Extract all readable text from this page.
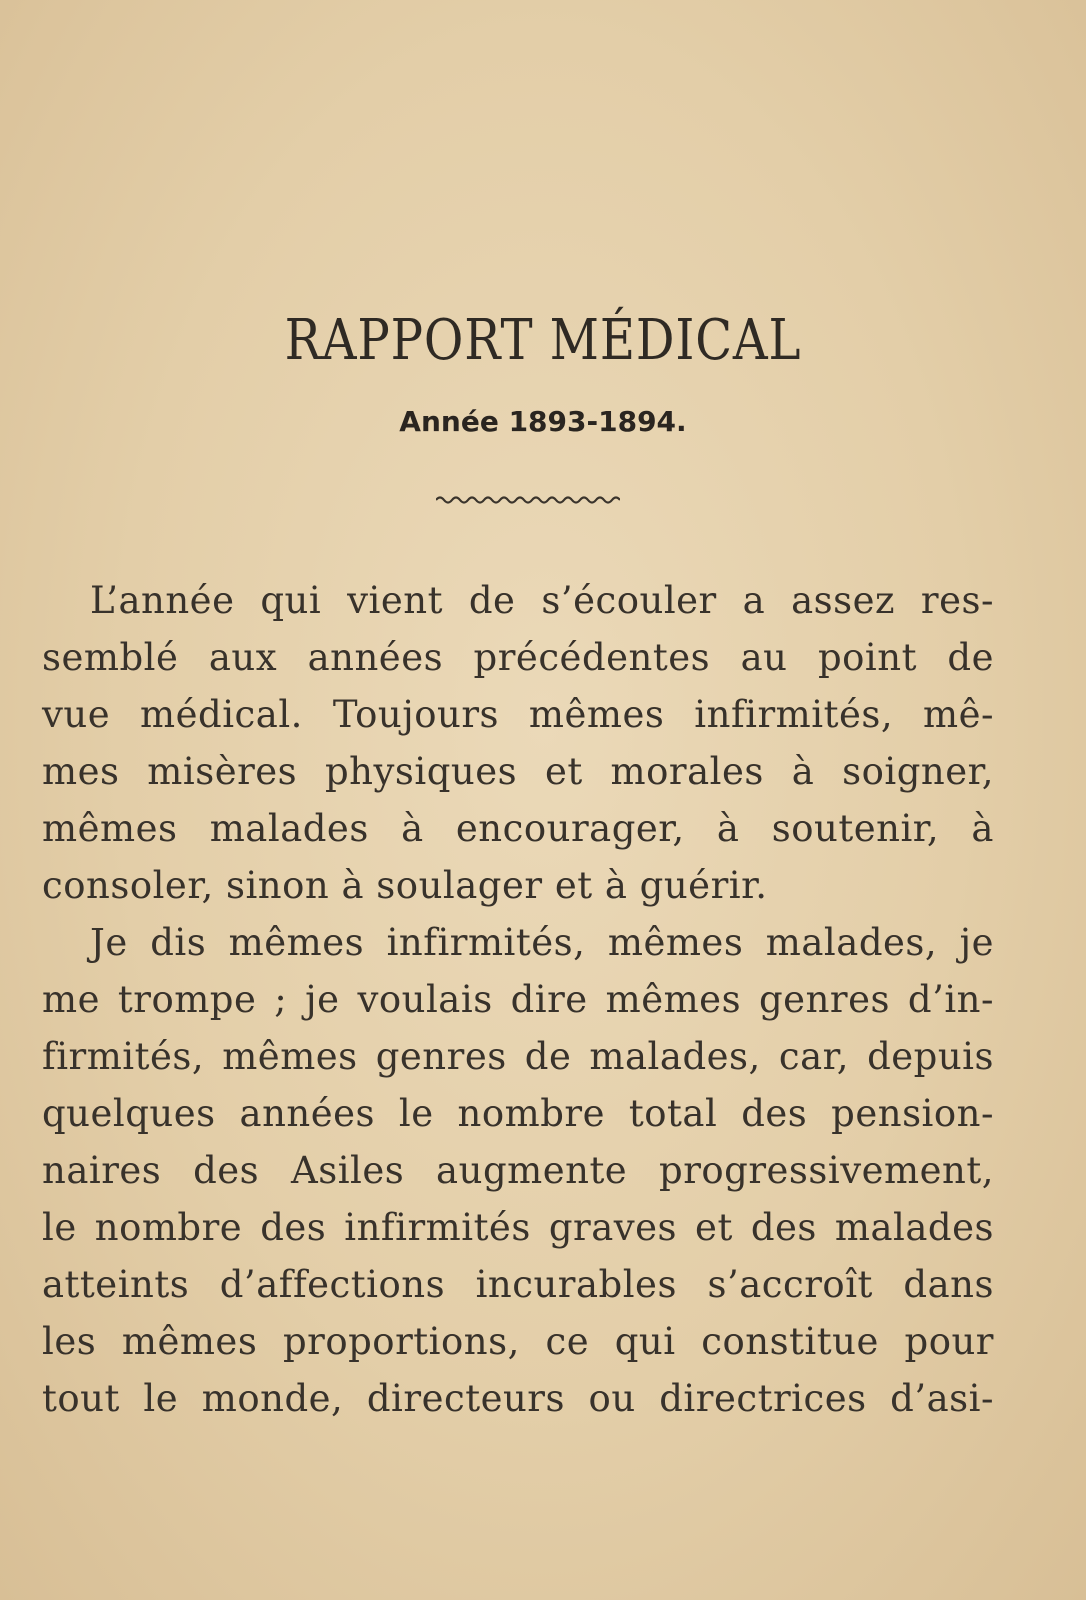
RAPPORT MÉDICAL
Année 1893-1894.

L’année qui vient de s’écouler a assez res-
semblé aux années précédentes au point de
vue médical. Toujours mêmes infirmités, mê-
mes misères physiques et morales à soigner,
mêmes malades à encourager, à soutenir, à
consoler, sinon à soulager et à guérir.

Je dis mêmes infirmités, mêmes malades, je
me trompe ; je voulais dire mêmes genres d’in-
firmités, mêmes genres de malades, car, depuis
quelques années le nombre total des pension-
naires des Asiles augmente progressivement,
le nombre des infirmités graves et des malades
atteints d’affections incurables s’accroît dans
les mêmes proportions, ce qui constitue pour
tout le monde, directeurs ou directrices d’asi-
